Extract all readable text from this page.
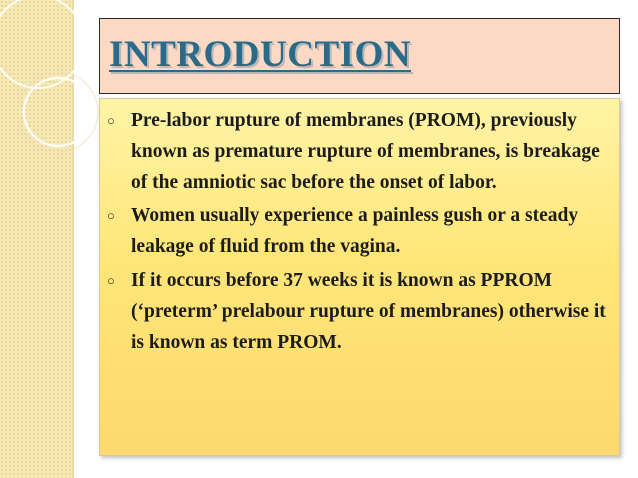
INTRODUCTION
○ Pre-labor rupture of membranes (PROM), previously known as premature rupture of membranes, is breakage of the amniotic sac before the onset of labor.
○ Women usually experience a painless gush or a steady leakage of fluid from the vagina.
○ If it occurs before 37 weeks it is known as PPROM (‘preterm’ prelabour rupture of membranes) otherwise it is known as term PROM.
